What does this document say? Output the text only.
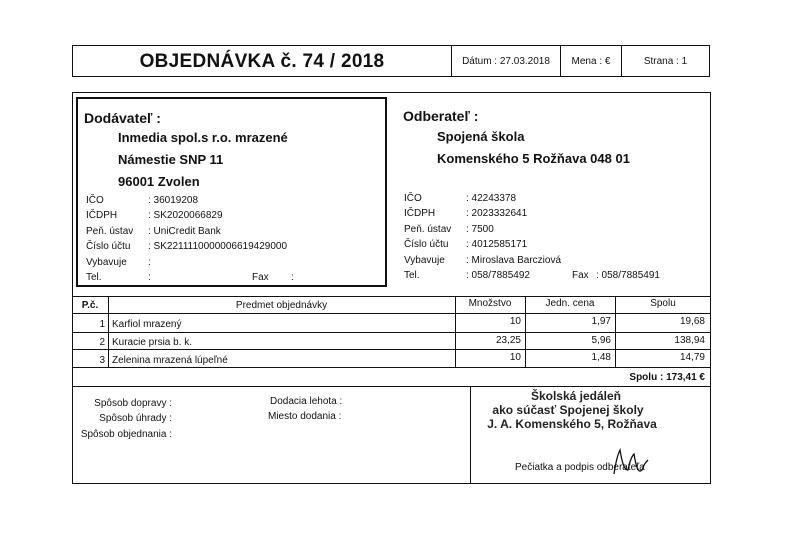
OBJEDNÁVKA č. 74 / 2018	Dátum : 27.03.2018	Mena : €	Strana : 1
Dodávateľ :
Inmedia spol.s r.o. mrazené
Námestie SNP 11
96001 Zvolen
IČO	: 36019208
IČDPH	: SK2020066829
Peň. ústav : UniCredit Bank
Číslo účtu : SK2211110000006619429000
Vybavuje :
Tel.	:	Fax :
Odberateľ :
Spojená škola
Komenského 5 Rožňava 048 01
IČO	: 42243378
IČDPH	: 2023332641
Peň. ústav : 7500
Číslo účtu : 4012585171
Vybavuje : Miroslava Barcziová
Tel.	: 058/7885492	Fax : 058/7885491
P.č.	Predmet objednávky	Množstvo	Jedn. cena	Spolu
1 Karfiol mrazený	10	1,97	19,68
2 Kuracie prsia b. k.	23,25	5,96	138,94
3 Zelenina mrazená lúpeľné	10	1,48	14,79
Spolu : 173,41 €
Spôsob dopravy :
Spôsob úhrady :
Spôsob objednania :
Dodacia lehota :
Miesto dodania :
Školská jedáleň
ako súčasť Spojenej školy
J. A. Komenského 5, Rožňava
Pečiatka a podpis odberateľa
